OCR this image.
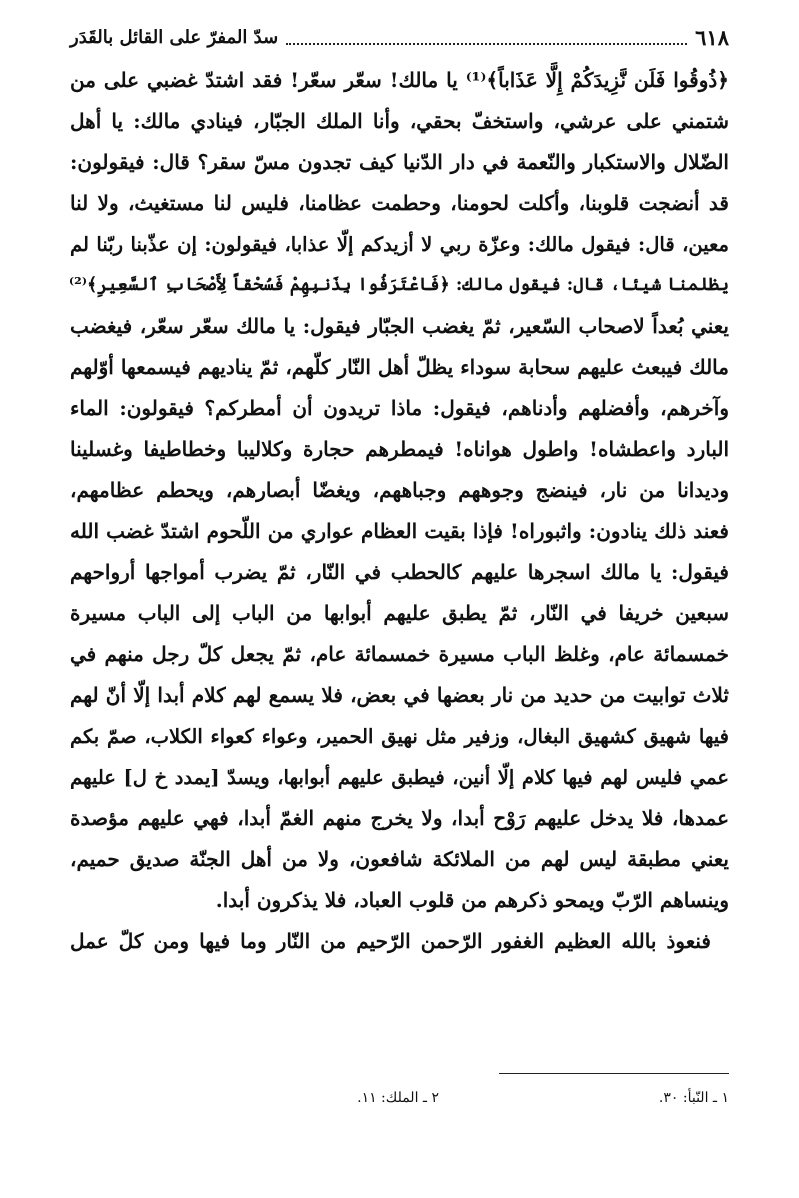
٦١٨
سدّ المفرّ على القائل بالقَدَر
﴿ذُوقُوا فَلَن نَّزِيدَكُمْ إِلَّا عَذَاباً﴾⁽¹⁾ يا مالك! سعّر سعّر! فقد اشتدّ غضبي على من
شتمني على عرشي، واستخفّ بحقي، وأنا الملك الجبّار، فينادي مالك: يا أهل
الضّلال والاستكبار والنّعمة في دار الدّنيا كيف تجدون مسّ سقر؟ قال: فيقولون:
قد أنضجت قلوبنا، وأكلت لحومنا، وحطمت عظامنا، فليس لنا مستغيث، ولا لنا
معين، قال: فيقول مالك: وعزّة ربي لا أزيدكم إلّا عذابا، فيقولون: إن عذّبنا ربّنا لم
يظلمنا شيئا، قال: فيقول مالك: ﴿فَاعْتَرَفُوا بِذَنبِهِمْ فَسُحْقاً لِأَصْحَابِ ٱلسَّعِيرِ﴾⁽²⁾
يعني بُعداً لاصحاب السّعير، ثمّ يغضب الجبّار فيقول: يا مالك سعّر سعّر، فيغضب
مالك فيبعث عليهم سحابة سوداء يظلّ أهل النّار كلّهم، ثمّ يناديهم فيسمعها أوّلهم
وآخرهم، وأفضلهم وأدناهم، فيقول: ماذا تريدون أن أمطركم؟ فيقولون: الماء
البارد واعطشاه! واطول هواناه! فيمطرهم حجارة وكلاليبا وخطاطيفا وغسلينا
وديدانا من نار، فينضج وجوههم وجباههم، ويغضّا أبصارهم، ويحطم عظامهم،
فعند ذلك ينادون: واثبوراه! فإذا بقيت العظام عواري من اللّحوم اشتدّ غضب الله
فيقول: يا مالك اسجرها عليهم كالحطب في النّار، ثمّ يضرب أمواجها أرواحهم
سبعين خريفا في النّار، ثمّ يطبق عليهم أبوابها من الباب إلى الباب مسيرة
خمسمائة عام، وغلظ الباب مسيرة خمسمائة عام، ثمّ يجعل كلّ رجل منهم في
ثلاث توابيت من حديد من نار بعضها في بعض، فلا يسمع لهم كلام أبدا إلّا أنّ لهم
فيها شهيق كشهيق البغال، وزفير مثل نهيق الحمير، وعواء كعواء الكلاب، صمّ بكم
عمي فليس لهم فيها كلام إلّا أنين، فيطبق عليهم أبوابها، ويسدّ [يمدد خ ل] عليهم
عمدها، فلا يدخل عليهم رَوْح أبدا، ولا يخرج منهم الغمّ أبدا، فهي عليهم مؤصدة
يعني مطبقة ليس لهم من الملائكة شافعون، ولا من أهل الجنّة صديق حميم،
وينساهم الرّبّ ويمحو ذكرهم من قلوب العباد، فلا يذكرون أبدا.
فنعوذ بالله العظيم الغفور الرّحمن الرّحيم من النّار وما فيها ومن كلّ عمل
١ ـ النّبأ: ٣٠.
٢ ـ الملك: ١١.
